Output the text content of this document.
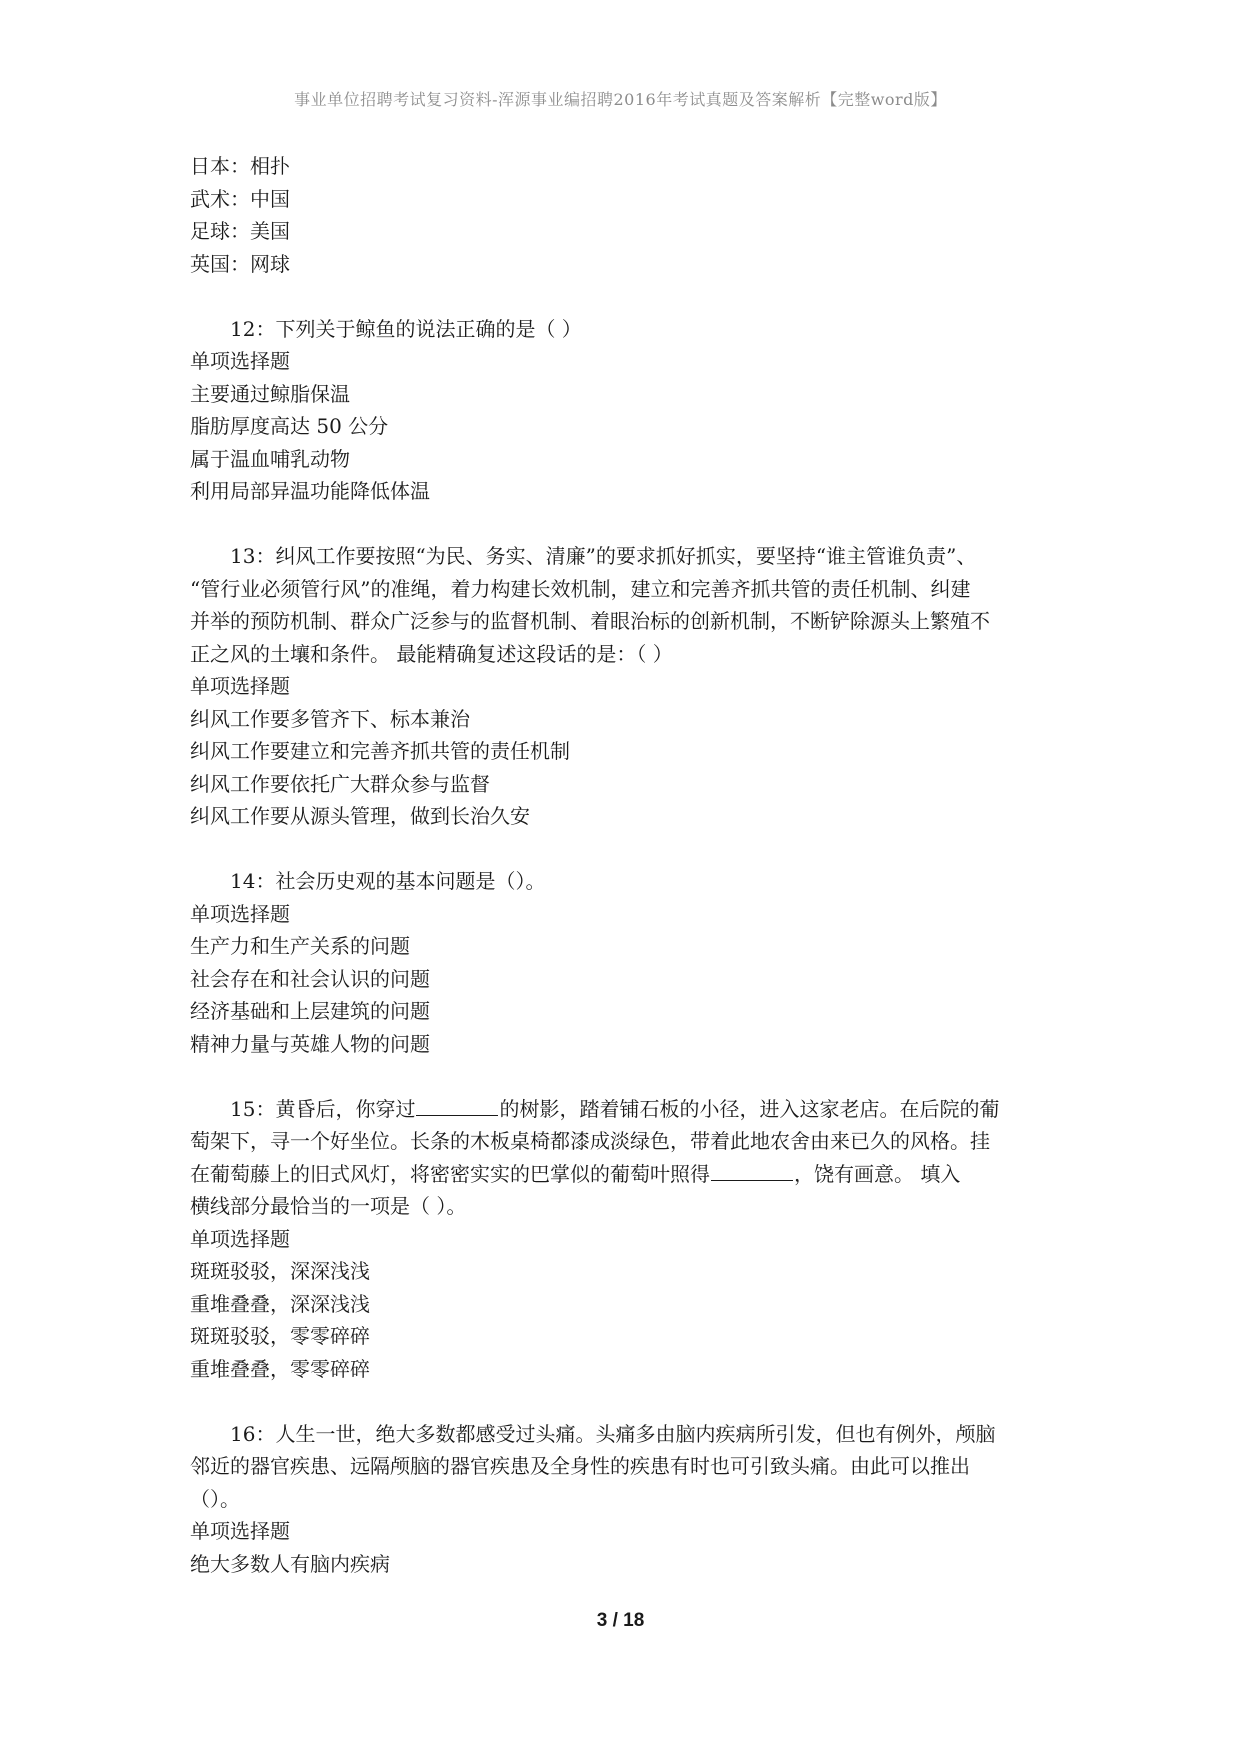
事业单位招聘考试复习资料-浑源事业编招聘2016年考试真题及答案解析【完整word版】

日本：相扑

武术：中国

足球：美国

英国：网球

12：下列关于鲸鱼的说法正确的是（ ）

单项选择题

主要通过鲸脂保温

脂肪厚度高达 50 公分

属于温血哺乳动物

利用局部异温功能降低体温

13：纠风工作要按照“为民、务实、清廉”的要求抓好抓实，要坚持“谁主管谁负责”、

“管行业必须管行风”的准绳，着力构建长效机制，建立和完善齐抓共管的责任机制、纠建

并举的预防机制、群众广泛参与的监督机制、着眼治标的创新机制，不断铲除源头上繁殖不

正之风的土壤和条件。 最能精确复述这段话的是：（ ）

单项选择题

纠风工作要多管齐下、标本兼治

纠风工作要建立和完善齐抓共管的责任机制

纠风工作要依托广大群众参与监督

纠风工作要从源头管理，做到长治久安

14：社会历史观的基本问题是（）。

单项选择题

生产力和生产关系的问题

社会存在和社会认识的问题

经济基础和上层建筑的问题

精神力量与英雄人物的问题

15：黄昏后，你穿过	的树影，踏着铺石板的小径，进入这家老店。在后院的葡

萄架下，寻一个好坐位。长条的木板桌椅都漆成淡绿色，带着此地农舍由来已久的风格。挂

在葡萄藤上的旧式风灯，将密密实实的巴掌似的葡萄叶照得	，饶有画意。 填入

横线部分最恰当的一项是（ ）。

单项选择题

斑斑驳驳，深深浅浅

重堆叠叠，深深浅浅

斑斑驳驳，零零碎碎

重堆叠叠，零零碎碎

16：人生一世，绝大多数都感受过头痛。头痛多由脑内疾病所引发，但也有例外，颅脑

邻近的器官疾患、远隔颅脑的器官疾患及全身性的疾患有时也可引致头痛。由此可以推出

（）。

单项选择题

绝大多数人有脑内疾病

3 / 18
